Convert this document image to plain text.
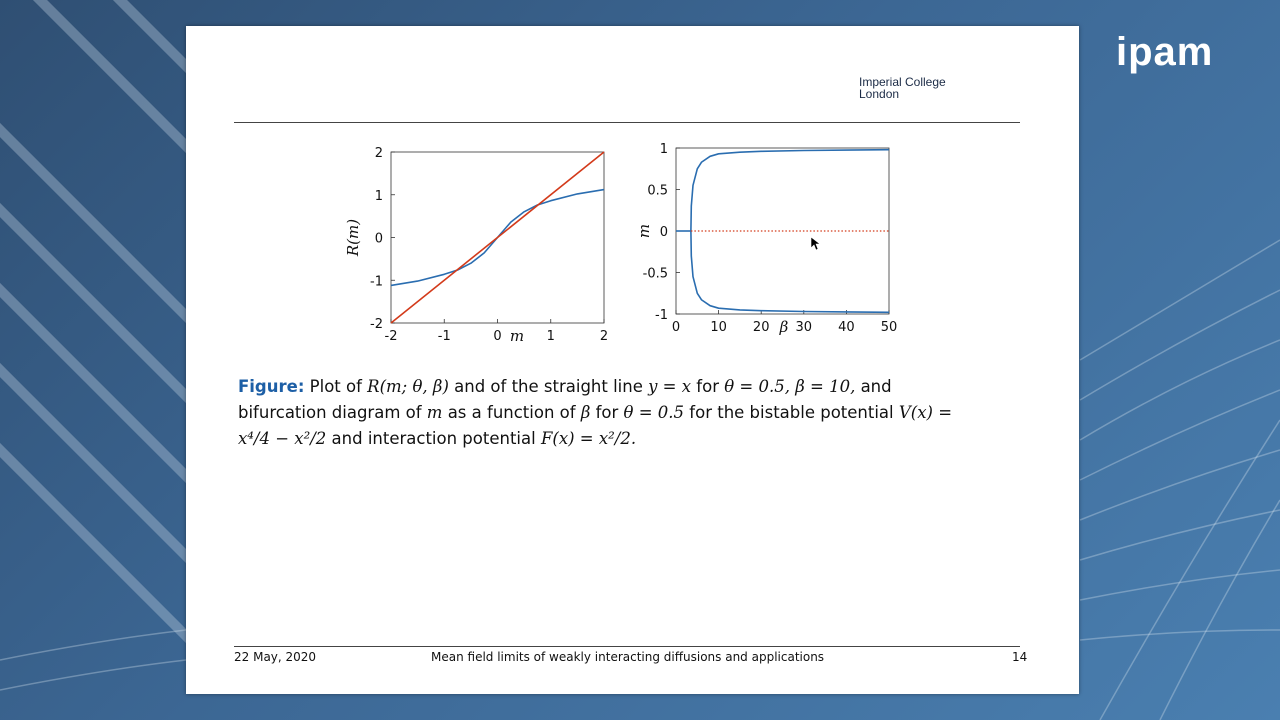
ipam
Imperial College
London
-2	-1	0	1	2
-2
-1
0
1
2
m
R(m)
0 10 20 30 40 50
1
0.5
0
-0.5
-1
β
m
Figure: Plot of R(m; θ, β) and of the straight line y = x for θ = 0.5, β = 10, and bifurcation diagram of m as a function of β for θ = 0.5 for the bistable potential V(x) = x⁴/4 − x²/2 and interaction potential F(x) = x²/2.
22 May, 2020	Mean field limits of weakly interacting diffusions and applications	14
